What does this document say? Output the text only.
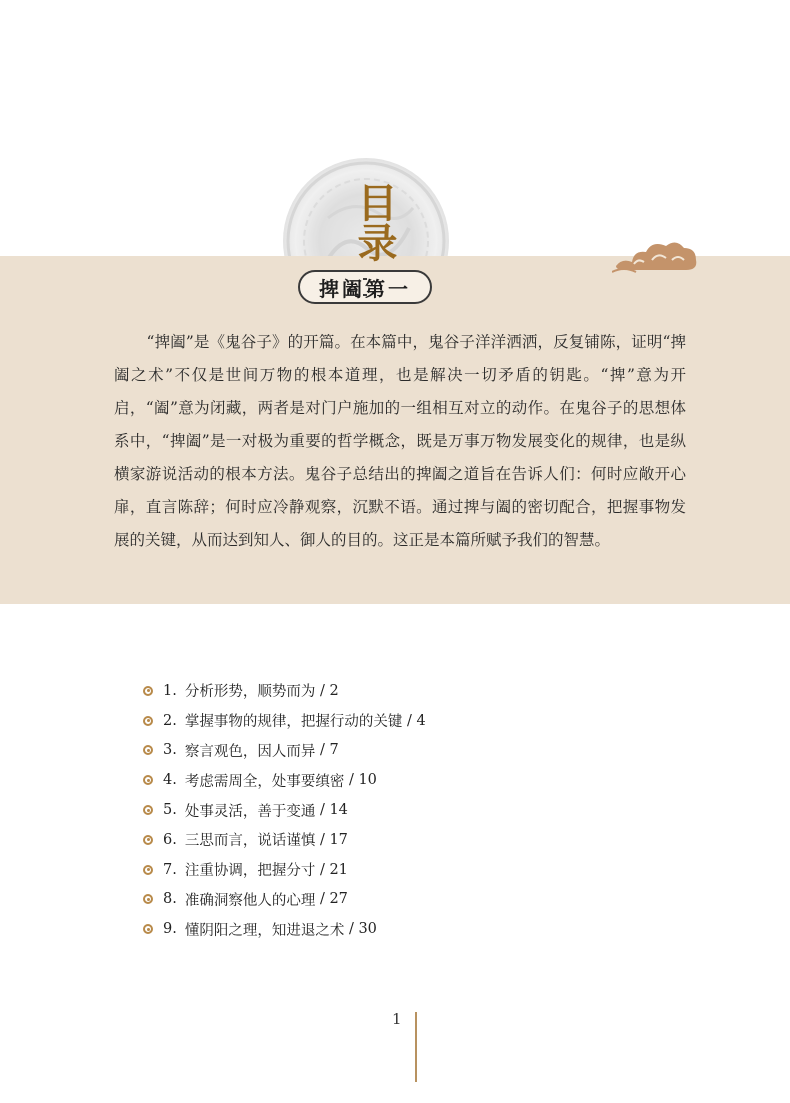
目录
捭阖第一

“捭阖”是《鬼谷子》的开篇。在本篇中，鬼谷子洋洋洒洒，反复铺陈，证明“捭阖之术”不仅是世间万物的根本道理，也是解决一切矛盾的钥匙。“捭”意为开启，“阖”意为闭藏，两者是对门户施加的一组相互对立的动作。在鬼谷子的思想体系中，“捭阖”是一对极为重要的哲学概念，既是万事万物发展变化的规律，也是纵横家游说活动的根本方法。鬼谷子总结出的捭阖之道旨在告诉人们：何时应敞开心扉，直言陈辞；何时应冷静观察，沉默不语。通过捭与阖的密切配合，把握事物发展的关键，从而达到知人、御人的目的。这正是本篇所赋予我们的智慧。

1. 分析形势，顺势而为
/ 2
2. 掌握事物的规律，把握行动的关键
/ 4
3. 察言观色，因人而异
/ 7
4. 考虑需周全，处事要缜密
/ 10
5. 处事灵活，善于变通
/ 14
6. 三思而言，说话谨慎
/ 17
7. 注重协调，把握分寸
/ 21
8. 准确洞察他人的心理
/ 27
9. 懂阴阳之理，知进退之术
/ 30
1
